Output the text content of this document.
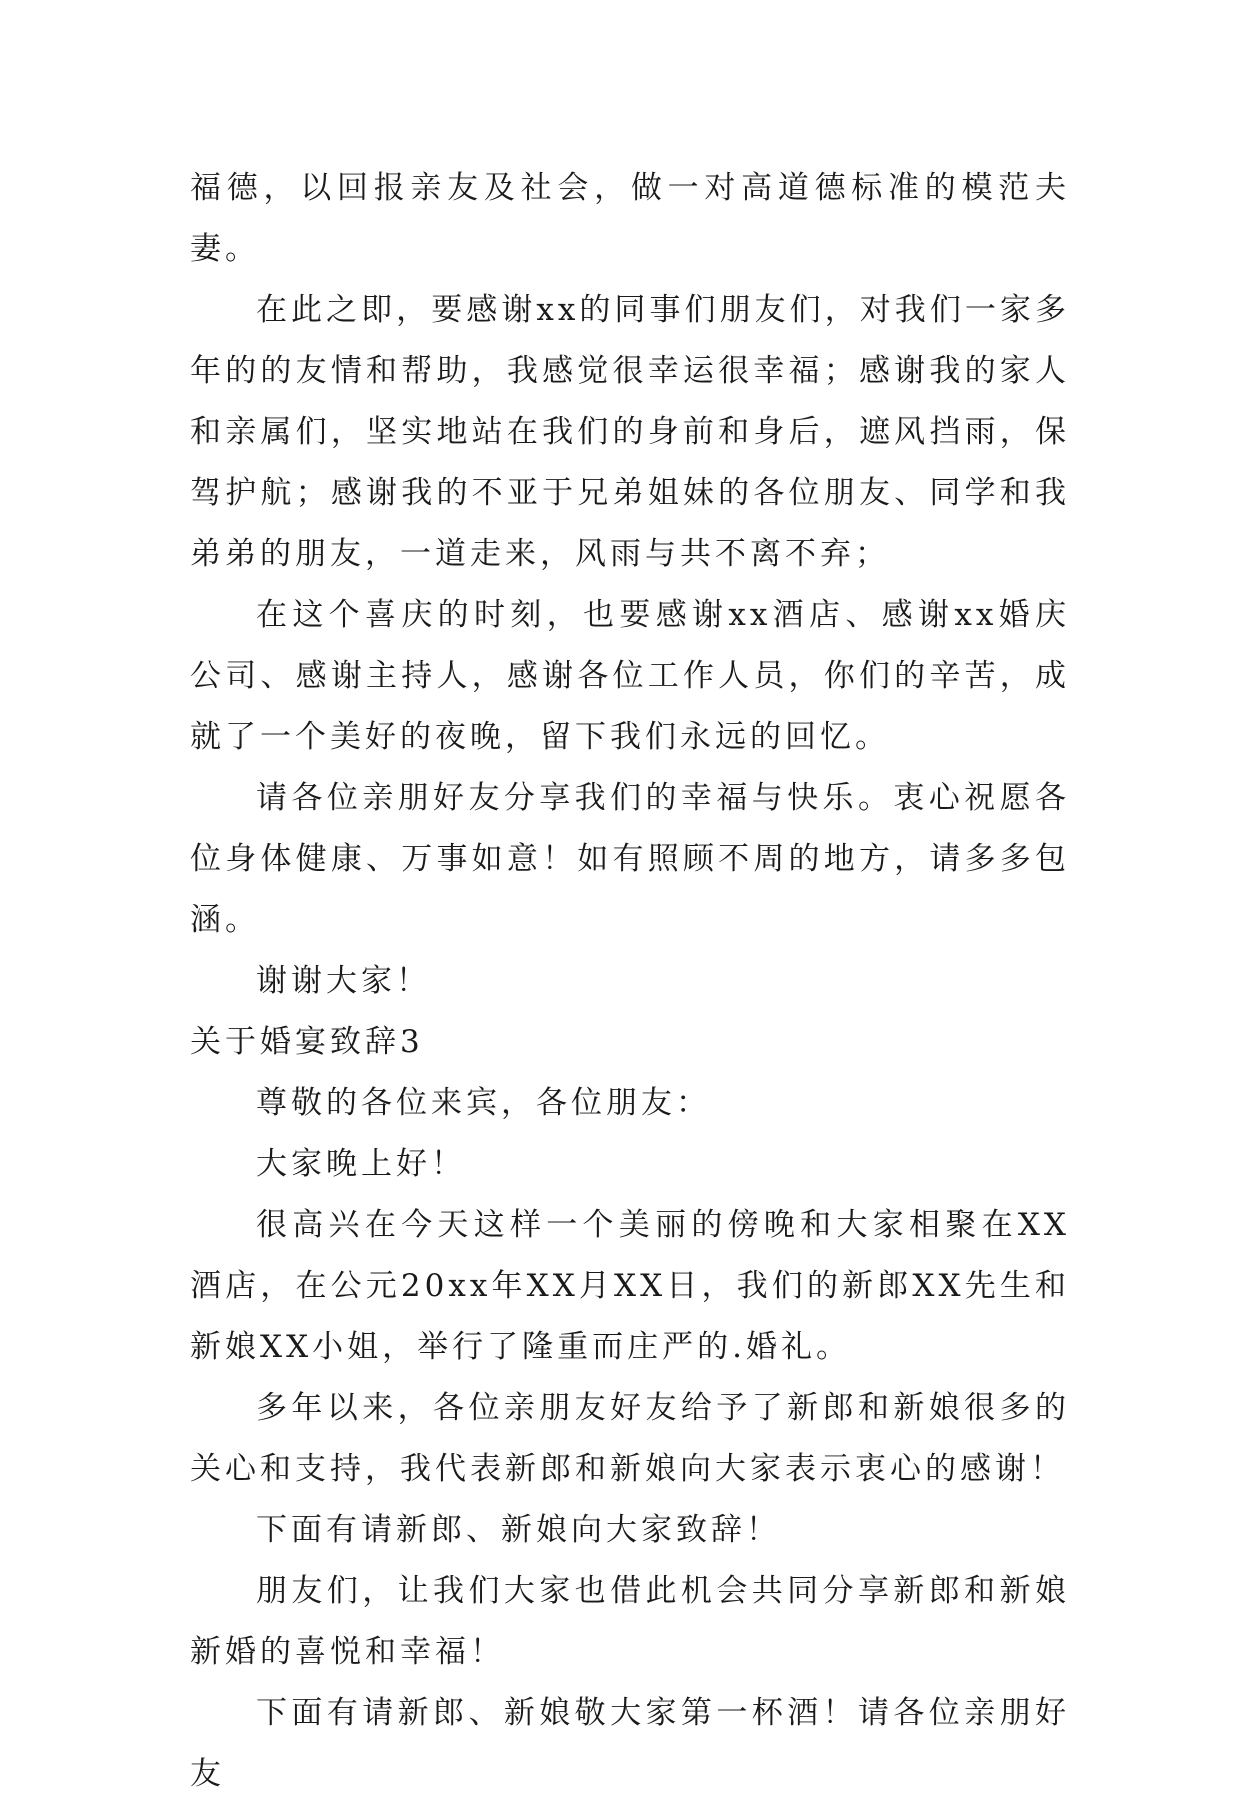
福德，以回报亲友及社会，做一对高道德标准的模范夫妻。

在此之即，要感谢xx的同事们朋友们，对我们一家多年的的友情和帮助，我感觉很幸运很幸福；感谢我的家人和亲属们，坚实地站在我们的身前和身后，遮风挡雨，保驾护航；感谢我的不亚于兄弟姐妹的各位朋友、同学和我弟弟的朋友，一道走来，风雨与共不离不弃；

在这个喜庆的时刻，也要感谢xx酒店、感谢xx婚庆公司、感谢主持人，感谢各位工作人员，你们的辛苦，成就了一个美好的夜晚，留下我们永远的回忆。

请各位亲朋好友分享我们的幸福与快乐。衷心祝愿各位身体健康、万事如意！如有照顾不周的地方，请多多包涵。

谢谢大家！

关于婚宴致辞3

尊敬的各位来宾，各位朋友：

大家晚上好！

很高兴在今天这样一个美丽的傍晚和大家相聚在XX酒店，在公元20xx年XX月XX日，我们的新郎XX先生和新娘XX小姐，举行了隆重而庄严的.婚礼。

多年以来，各位亲朋友好友给予了新郎和新娘很多的关心和支持，我代表新郎和新娘向大家表示衷心的感谢！

下面有请新郎、新娘向大家致辞！

朋友们，让我们大家也借此机会共同分享新郎和新娘新婚的喜悦和幸福！

下面有请新郎、新娘敬大家第一杯酒！请各位亲朋好友
